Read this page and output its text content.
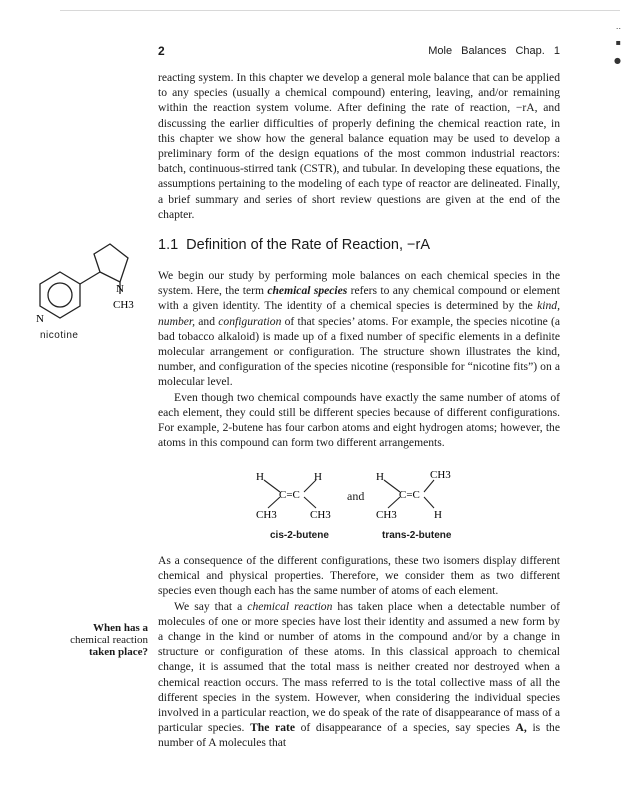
..
▪
●
2	Mole Balances Chap. 1

reacting system. In this chapter we develop a general mole balance that can be applied to any species (usually a chemical compound) entering, leaving, and/or remaining within the reaction system volume. After defining the rate of reaction, −rA, and discussing the earlier difficulties of properly defining the chemical reaction rate, in this chapter we show how the general balance equation may be used to develop a preliminary form of the design equations of the most common industrial reactors: batch, continuous-stirred tank (CSTR), and tubular. In developing these equations, the assumptions pertaining to the modeling of each type of reactor are delineated. Finally, a brief summary and series of short review questions are given at the end of the chapter.

1.1 Definition of the Rate of Reaction, −rA

We begin our study by performing mole balances on each chemical species in the system. Here, the term chemical species refers to any chemical compound or element with a given identity. The identity of a chemical species is determined by the kind, number, and configuration of that species’ atoms. For example, the species nicotine (a bad tobacco alkaloid) is made up of a fixed number of specific elements in a definite molecular arrangement or configuration. The structure shown illustrates the kind, number, and configuration of the species nicotine (responsible for “nicotine fits”) on a molecular level.

Even though two chemical compounds have exactly the same number of atoms of each element, they could still be different species because of different configurations. For example, 2-butene has four carbon atoms and eight hydrogen atoms; however, the atoms in this compound can form two different arrangements.

N
N
CH3
nicotine
H	H
C=C
CH3	CH3
and
H	CH3
C=C
CH3	H
cis-2-butene	trans-2-butene

As a consequence of the different configurations, these two isomers display different chemical and physical properties. Therefore, we consider them as two different species even though each has the same number of atoms of each element.

We say that a chemical reaction has taken place when a detectable number of molecules of one or more species have lost their identity and assumed a new form by a change in the kind or number of atoms in the compound and/or by a change in structure or configuration of these atoms. In this classical approach to chemical change, it is assumed that the total mass is neither created nor destroyed when a chemical reaction occurs. The mass referred to is the total collective mass of all the different species in the system. However, when considering the individual species involved in a particular reaction, we do speak of the rate of disappearance of mass of a particular species. The rate of disappearance of a species, say species A, is the number of A molecules that

When has a
chemical reaction
taken place?
